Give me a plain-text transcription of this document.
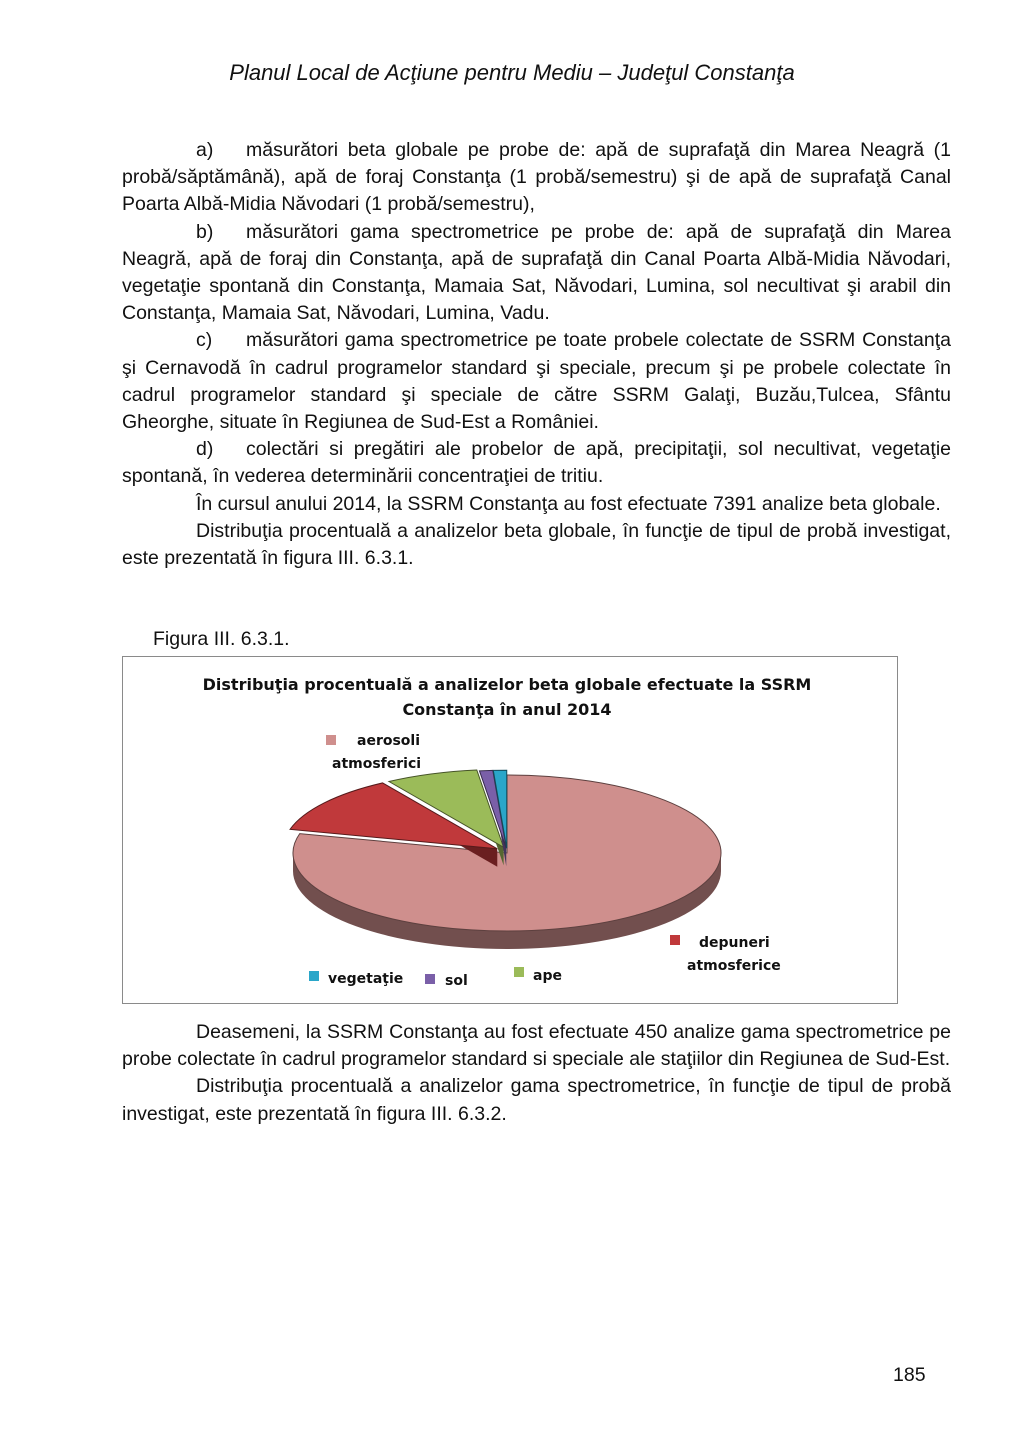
Planul Local de Acţiune pentru Mediu – Judeţul Constanţa

a) măsurători beta globale pe probe de: apă de suprafaţă din Marea Neagră (1 probă/săptămână), apă de foraj Constanţa (1 probă/semestru) şi de apă de suprafaţă Canal Poarta Albă-Midia Năvodari (1 probă/semestru),

b) măsurători gama spectrometrice pe probe de: apă de suprafaţă din Marea Neagră, apă de foraj din Constanţa, apă de suprafaţă din Canal Poarta Albă-Midia Năvodari, vegetaţie spontană din Constanţa, Mamaia Sat, Năvodari, Lumina, sol necultivat şi arabil din Constanţa, Mamaia Sat, Năvodari, Lumina, Vadu.

c) măsurători gama spectrometrice pe toate probele colectate de SSRM Constanţa şi Cernavodă în cadrul programelor standard şi speciale, precum şi pe probele colectate în cadrul programelor standard şi speciale de către SSRM Galaţi, Buzău,Tulcea, Sfântu Gheorghe, situate în Regiunea de Sud-Est a României.

d) colectări si pregătiri ale probelor de apă, precipitaţii, sol necultivat, vegetaţie spontană, în vederea determinării concentraţiei de tritiu.

În cursul anului 2014, la SSRM Constanţa au fost efectuate 7391 analize beta globale.

Distribuţia procentuală a analizelor beta globale, în funcţie de tipul de probă investigat, este prezentată în figura III. 6.3.1.

Figura III. 6.3.1.
Distribuţia procentuală a analizelor beta globale efectuate la SSRM
Constanţa în anul 2014
aerosoli
atmosferici
depuneri
atmosferice
ape
sol
vegetaţie

Deasemeni, la SSRM Constanţa au fost efectuate 450 analize gama spectrometrice pe probe colectate în cadrul programelor standard si speciale ale staţiilor din Regiunea de Sud-Est.

Distribuţia procentuală a analizelor gama spectrometrice, în funcţie de tipul de probă investigat, este prezentată în figura III. 6.3.2.

185
